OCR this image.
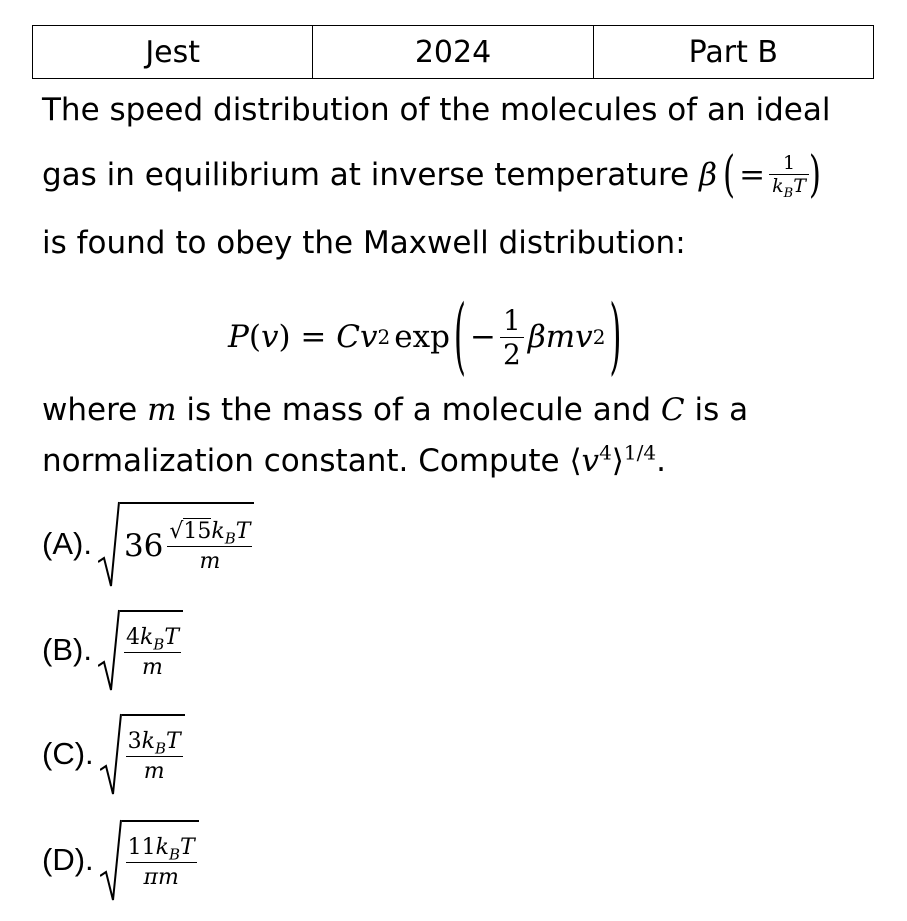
Jest	2024	Part B
The speed distribution of the molecules of an ideal
gas in equilibrium at inverse temperature β ( = $\frac{1}{k_BT}$ )
is found to obey the Maxwell distribution:
P ( v ) = Cv 2 exp ( − $\frac{1}{2}$ βmv 2 )
where m is the mass of a molecule and C is a
normalization constant. Compute $⟨v^4⟩^{1/4}$.
(A). $36 \frac{√15k_BT}{m}$
(B). $\frac{4k_BT}{m}$
(C). $\frac{3k_BT}{m}$
(D). $\frac{11k_BT}{\pi m}$
